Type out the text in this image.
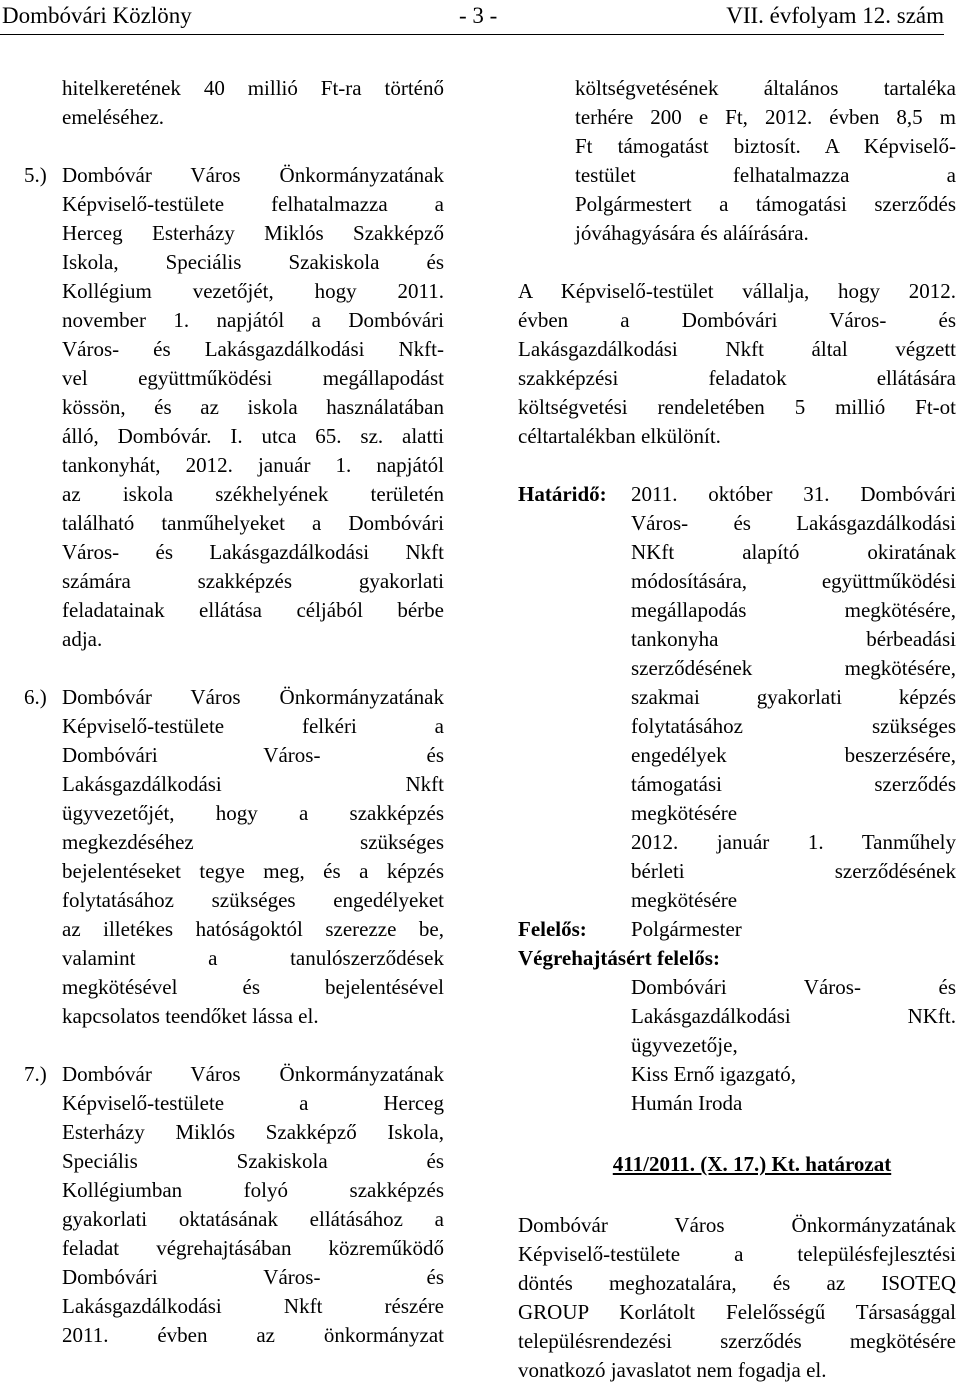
Dombóvári Közlöny	- 3 -	VII. évfolyam 12. szám

hitelkeretének 40 millió Ft-ra történő

emeléséhez.

5.) Dombóvár Város Önkormányzatának

Képviselő-testülete felhatalmazza a

Herceg Esterházy Miklós Szakképző

Iskola, Speciális Szakiskola és

Kollégium vezetőjét, hogy 2011.

november 1. napjától a Dombóvári

Város- és Lakásgazdálkodási Nkft-

vel együttműködési megállapodást

kössön, és az iskola használatában

álló, Dombóvár. I. utca 65. sz. alatti

tankonyhát, 2012. január 1. napjától

az iskola székhelyének területén

található tanműhelyeket a Dombóvári

Város- és Lakásgazdálkodási Nkft

számára szakképzés gyakorlati

feladatainak ellátása céljából bérbe

adja.

6.) Dombóvár Város Önkormányzatának

Képviselő-testülete felkéri a

Dombóvári Város- és

Lakásgazdálkodási Nkft

ügyvezetőjét, hogy a szakképzés

megkezdéséhez szükséges

bejelentéseket tegye meg, és a képzés

folytatásához szükséges engedélyeket

az illetékes hatóságoktól szerezze be,

valamint a tanulószerződések

megkötésével és bejelentésével

kapcsolatos teendőket lássa el.

7.) Dombóvár Város Önkormányzatának

Képviselő-testülete a Herceg

Esterházy Miklós Szakképző Iskola,

Speciális Szakiskola és

Kollégiumban folyó szakképzés

gyakorlati oktatásának ellátásához a

feladat végrehajtásában közreműködő

Dombóvári Város- és

Lakásgazdálkodási Nkft részére

2011. évben az önkormányzat

költségvetésének általános tartaléka

terhére 200 e Ft, 2012. évben 8,5 m

Ft támogatást biztosít. A Képviselő-

testület felhatalmazza a

Polgármestert a támogatási szerződés

jóváhagyására és aláírására.

A Képviselő-testület vállalja, hogy 2012.

évben a Dombóvári Város- és

Lakásgazdálkodási Nkft által végzett

szakképzési feladatok ellátására

költségvetési rendeletében 5 millió Ft-ot

céltartalékban elkülönít.

Határidő: 2011. október 31. Dombóvári

Város- és Lakásgazdálkodási

NKft alapító okiratának

módosítására, együttműködési

megállapodás megkötésére,

tankonyha bérbeadási

szerződésének megkötésére,

szakmai gyakorlati képzés

folytatásához szükséges

engedélyek beszerzésére,

támogatási szerződés

megkötésére

2012. január 1. Tanműhely

bérleti szerződésének

megkötésére

Felelős: Polgármester

Végrehajtásért felelős:

Dombóvári Város- és

Lakásgazdálkodási NKft.

ügyvezetője,

Kiss Ernő igazgató,

Humán Iroda

411/2011. (X. 17.) Kt. határozat

Dombóvár Város Önkormányzatának

Képviselő-testülete a településfejlesztési

döntés meghozatalára, és az ISOTEQ

GROUP Korlátolt Felelősségű Társasággal

településrendezési szerződés megkötésére

vonatkozó javaslatot nem fogadja el.
